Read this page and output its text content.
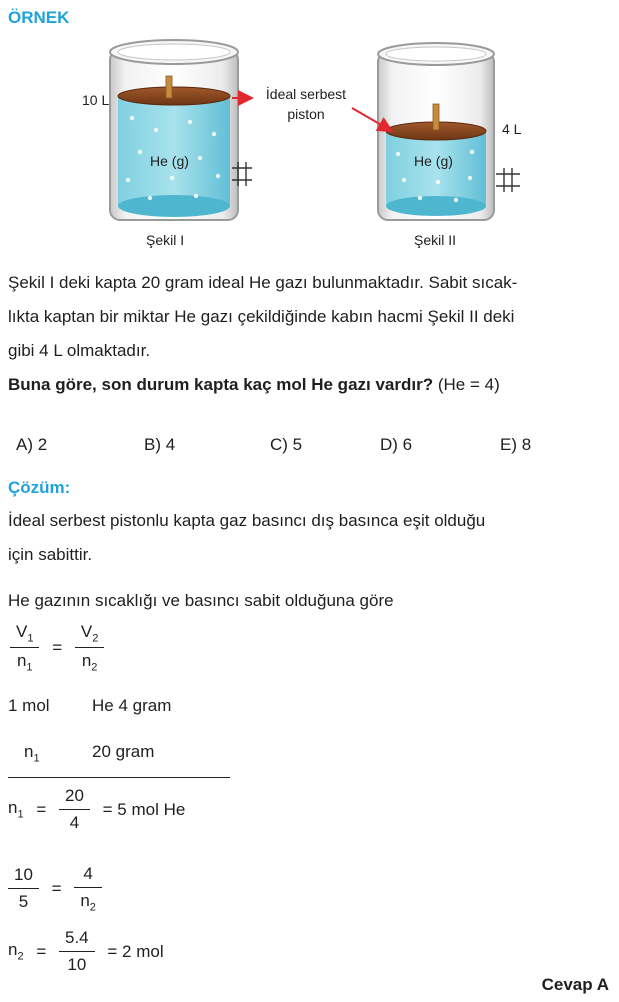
ÖRNEK
10 L
He (g)
Şekil I
İdeal serbest
piston
4 L
He (g)
Şekil II
Şekil I deki kapta 20 gram ideal He gazı bulunmaktadır. Sabit sıcak-
lıkta kaptan bir miktar He gazı çekildiğinde kabın hacmi Şekil II deki
gibi 4 L olmaktadır.
Buna göre, son durum kapta kaç mol He gazı vardır? (He = 4)
A) 2	B) 4	C) 5	D) 6	E) 8
Çözüm:
İdeal serbest pistonlu kapta gaz basıncı dış basınca eşit olduğu
için sabittir.
He gazının sıcaklığı ve basıncı sabit olduğuna göre
$\frac{V_1}{n_1} = \frac{V_2}{n_2}$
1 mol He 4 gram
$n_1$	20 gram
$n_1 = \frac{20}{4} = 5$ mol He
$\frac{10}{5} = \frac{4}{n_2}$
$n_2 = \frac{5.4}{10} = 2$ mol
Cevap A
